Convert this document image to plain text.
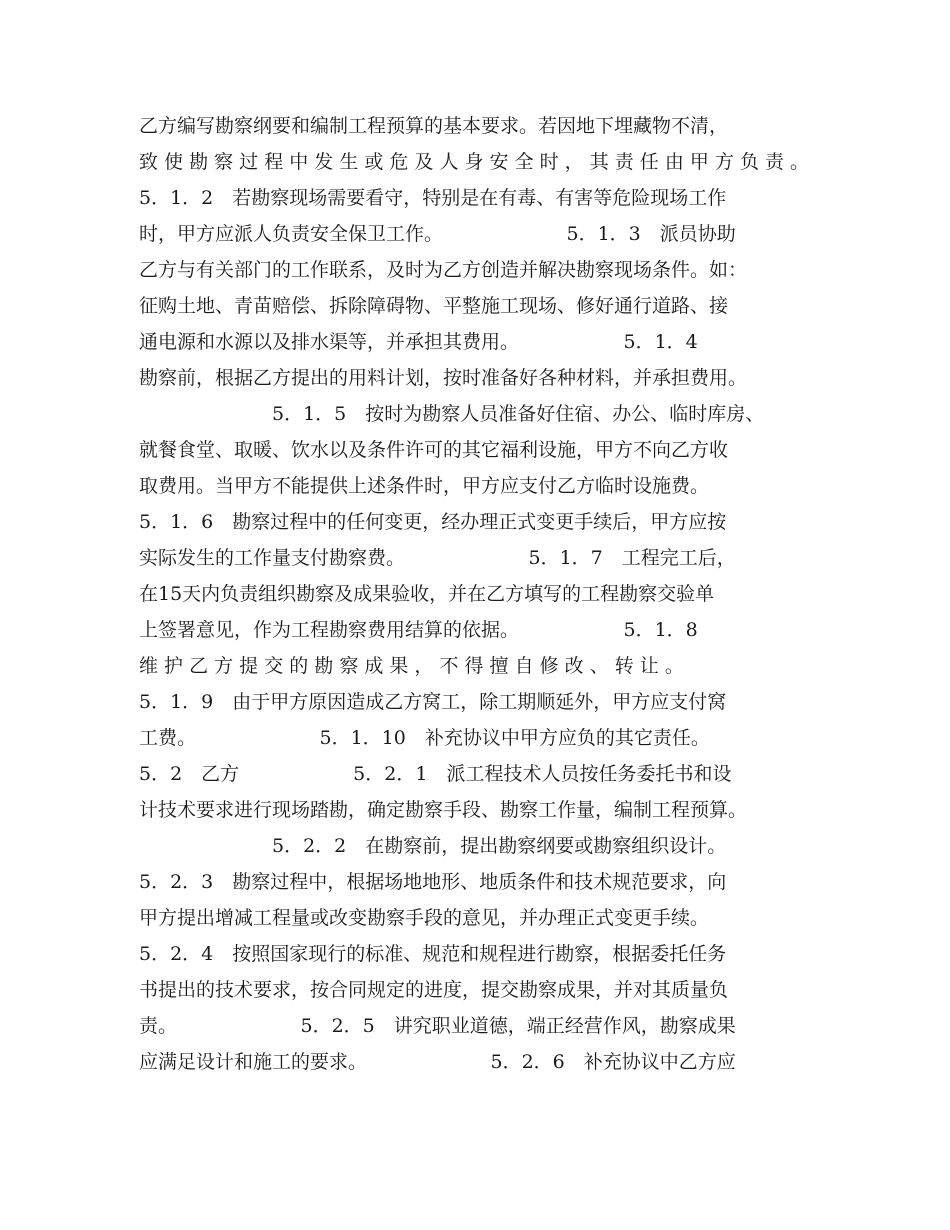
乙方编写勘察纲要和编制工程预算的基本要求。若因地下埋藏物不清，
致 使 勘 察 过 程 中 发 生 或 危 及 人 身 安 全 时 ， 其 责 任 由 甲 方 负 责 。
5．1．2　若勘察现场需要看守，特别是在有毒、有害等危险现场工作
时，甲方应派人负责安全保卫工作。　　　　　　　5．1．3　派员协助
乙方与有关部门的工作联系，及时为乙方创造并解决勘察现场条件。如：
征购土地、青苗赔偿、拆除障碍物、平整施工现场、修好通行道路、接
通电源和水源以及排水渠等，并承担其费用。　　　　　　5．1．4
勘察前，根据乙方提出的用料计划，按时准备好各种材料，并承担费用。
　　　　　　　5．1．5　按时为勘察人员准备好住宿、办公、临时库房、
就餐食堂、取暖、饮水以及条件许可的其它福利设施，甲方不向乙方收
取费用。当甲方不能提供上述条件时，甲方应支付乙方临时设施费。
5．1．6　勘察过程中的任何变更，经办理正式变更手续后，甲方应按
实际发生的工作量支付勘察费。　　　　　　　5．1．7　工程完工后，
在15天内负责组织勘察及成果验收，并在乙方填写的工程勘察交验单
上签署意见，作为工程勘察费用结算的依据。　　　　　　5．1．8
维 护 乙 方 提 交 的 勘 察 成 果 ， 不 得 擅 自 修 改 、 转 让 。
5．1．9　由于甲方原因造成乙方窝工，除工期顺延外，甲方应支付窝
工费。　　　　　　　5．1．10　补充协议中甲方应负的其它责任。
5．2　乙方　　　　　　5．2．1　派工程技术人员按任务委托书和设
计技术要求进行现场踏勘，确定勘察手段、勘察工作量，编制工程预算。
　　　　　　　5．2．2　在勘察前，提出勘察纲要或勘察组织设计。
5．2．3　勘察过程中，根据场地地形、地质条件和技术规范要求，向
甲方提出增减工程量或改变勘察手段的意见，并办理正式变更手续。
5．2．4　按照国家现行的标准、规范和规程进行勘察，根据委托任务
书提出的技术要求，按合同规定的进度，提交勘察成果，并对其质量负
责。　　　　　　　5．2．5　讲究职业道德，端正经营作风，勘察成果
应满足设计和施工的要求。　　　　　　　5．2．6　补充协议中乙方应
